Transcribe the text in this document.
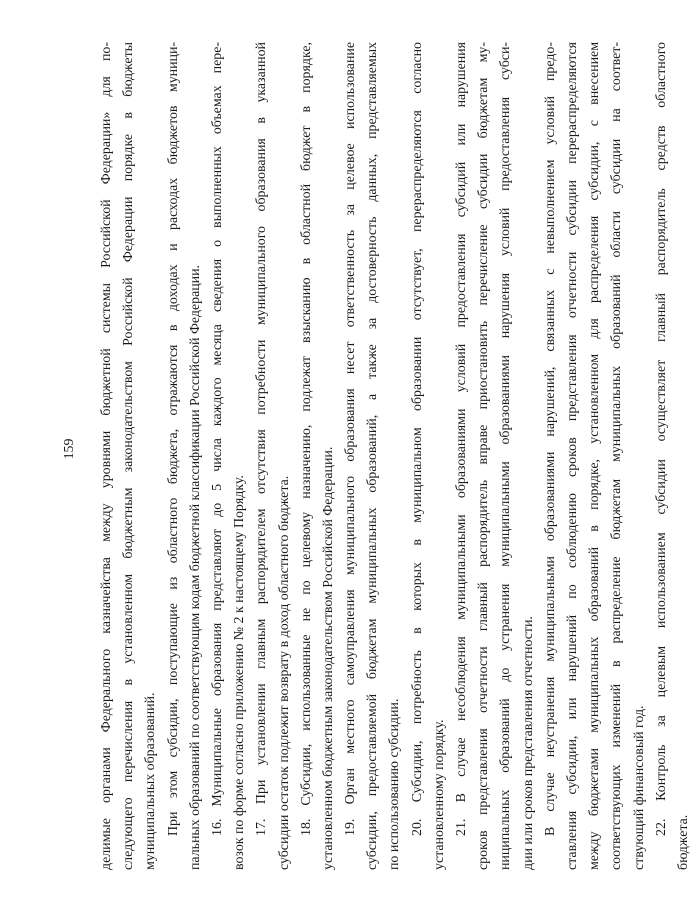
159 делимые органами Федерального казначейства между уровнями бюджетной системы Российской Федерации» для по- следующего перечисления в установленном бюджетным законодательством Российской Федерации порядке в бюджеты муниципальных образований. При этом субсидии, поступающие из областного бюджета, отражаются в доходах и расходах бюджетов муници- пальных образований по соответствующим кодам бюджетной классификации Российской Федерации. 16. Муниципальные образования представляют до 5 числа каждого месяца сведения о выполненных объемах пере- возок по форме согласно приложению № 2 к настоящему Порядку. 17. При установлении главным распорядителем отсутствия потребности муниципального образования в указанной субсидии остаток подлежит возврату в доход областного бюджета. 18. Субсидии, использованные не по целевому назначению, подлежат взысканию в областной бюджет в порядке, установленном бюджетным законодательством Российской Федерации. 19. Орган местного самоуправления муниципального образования несет ответственность за целевое использование субсидии, предоставляемой бюджетам муниципальных образований, а также за достоверность данных, представляемых по использованию субсидии. 20. Субсидии, потребность в которых в муниципальном образовании отсутствует, перераспределяются согласно установленному порядку. 21. В случае несоблюдения муниципальными образованиями условий предоставления субсидий или нарушения сроков представления отчетности главный распорядитель вправе приостановить перечисление субсидии бюджетам му- ниципальных образований до устранения муниципальными образованиями нарушения условий предоставления субси- дии или сроков представления отчетности. В случае неустранения муниципальными образованиями нарушений, связанных с невыполнением условий предо- ставления субсидии, или нарушений по соблюдению сроков представления отчетности субсидии перераспределяются между бюджетами муниципальных образований в порядке, установленном для распределения субсидии, с внесением соответствующих изменений в распределение бюджетам муниципальных образований области субсидии на соответ- ствующий финансовый год. 22. Контроль за целевым использованием субсидии осуществляет главный распорядитель средств областного
бюджета.
